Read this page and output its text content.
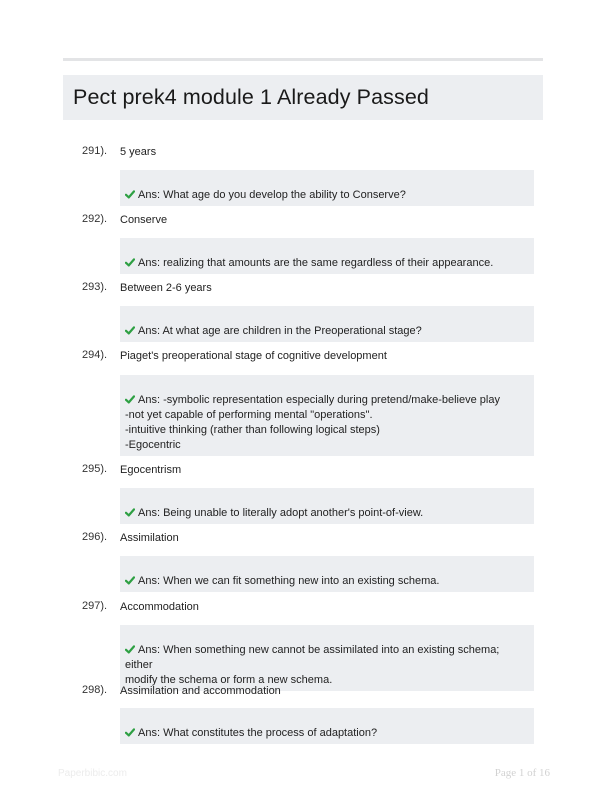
Pect prek4 module 1 Already Passed
291). 5 years

Ans: What age do you develop the ability to Conserve?

292). Conserve

Ans: realizing that amounts are the same regardless of their appearance.

293). Between 2-6 years

Ans: At what age are children in the Preoperational stage?

294). Piaget's preoperational stage of cognitive development

Ans: -symbolic representation especially during pretend/make-believe play
-not yet capable of performing mental "operations".
-intuitive thinking (rather than following logical steps)
-Egocentric

295). Egocentrism

Ans: Being unable to literally adopt another's point-of-view.

296). Assimilation

Ans: When we can fit something new into an existing schema.

297). Accommodation

Ans: When something new cannot be assimilated into an existing schema; either
modify the schema or form a new schema.

298). Assimilation and accommodation

Ans: What constitutes the process of adaptation?

Paperbibic.com	Page 1 of 16
